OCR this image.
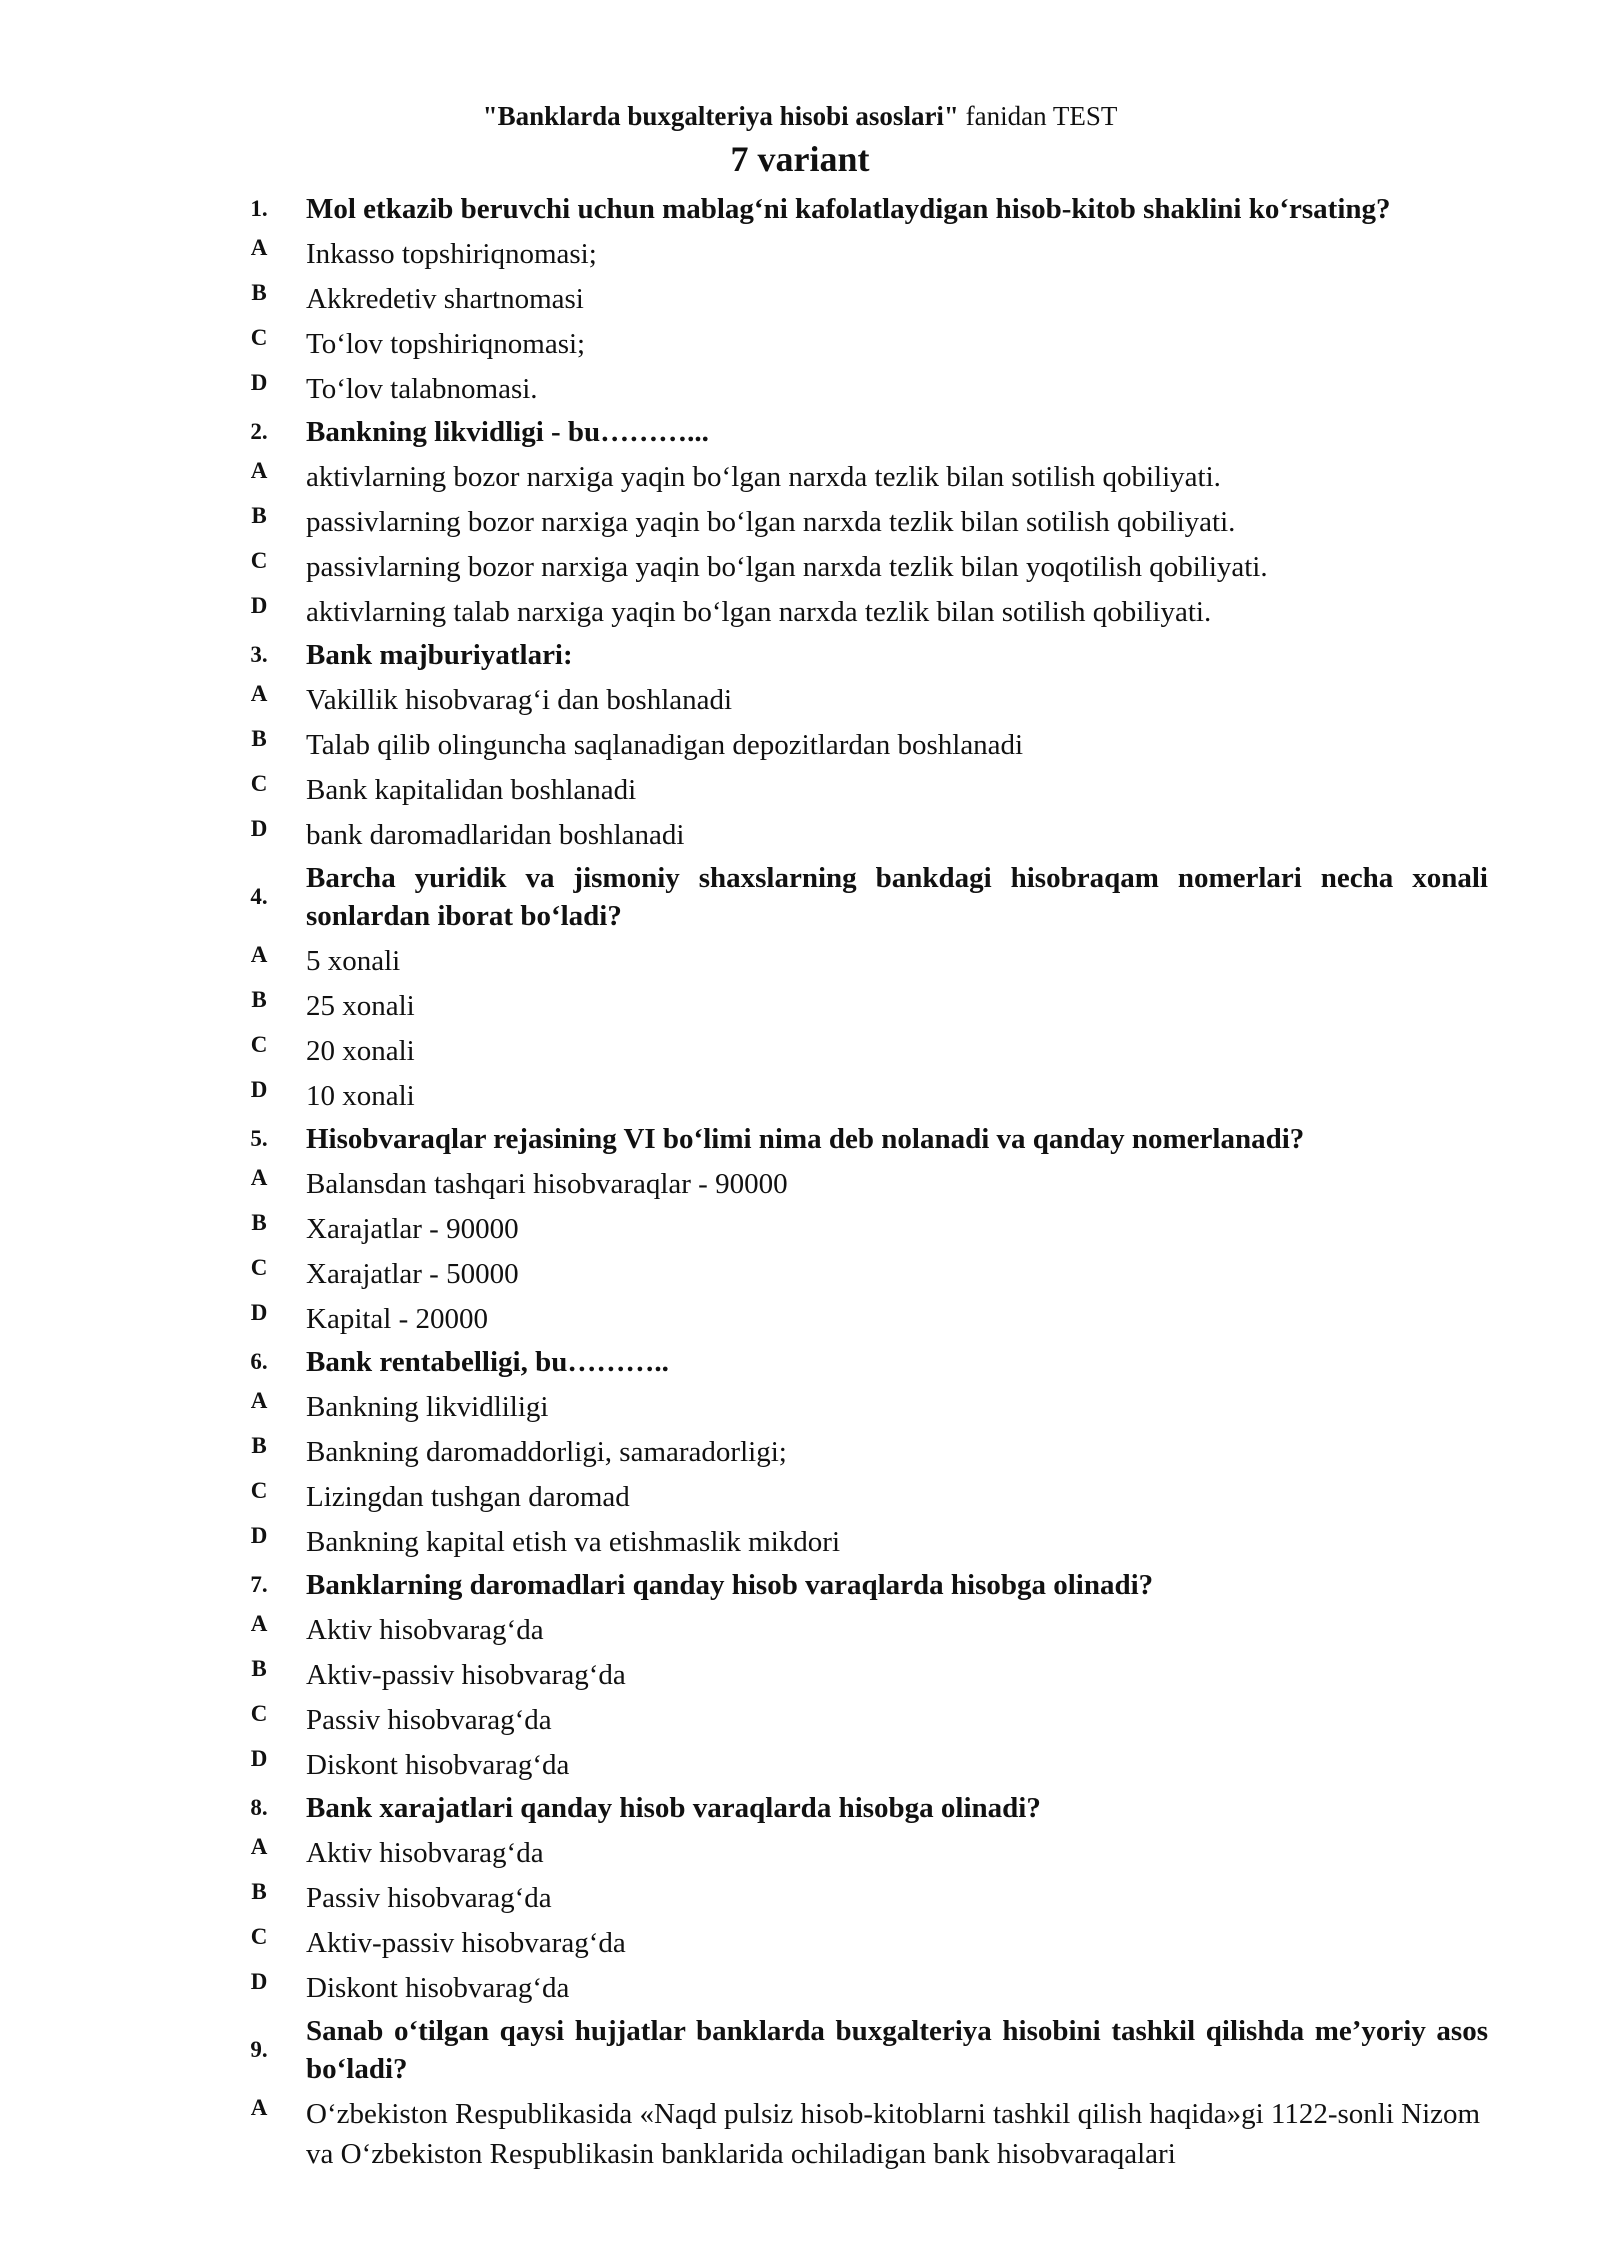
"Banklarda buxgalteriya hisobi asoslari" fanidan TEST
7 variant
1.	Mol etkazib beruvchi uchun mablag‘ni kafolatlaydigan hisob-kitob shaklini ko‘rsating?
A	Inkasso topshiriqnomasi;
B	Akkredetiv shartnomasi
C	To‘lov topshiriqnomasi;
D	To‘lov talabnomasi.
2.	Bankning likvidligi - bu………...
A	aktivlarning bozor narxiga yaqin bo‘lgan narxda tezlik bilan sotilish qobiliyati.
B	passivlarning bozor narxiga yaqin bo‘lgan narxda tezlik bilan sotilish qobiliyati.
C	passivlarning bozor narxiga yaqin bo‘lgan narxda tezlik bilan yoqotilish qobiliyati.
D	aktivlarning talab narxiga yaqin bo‘lgan narxda tezlik bilan sotilish qobiliyati.
3.	Bank majburiyatlari:
A	Vakillik hisobvarag‘i dan boshlanadi
B	Talab qilib olinguncha saqlanadigan depozitlardan boshlanadi
C	Bank kapitalidan boshlanadi
D	bank daromadlaridan boshlanadi
4.
Barcha yuridik va jismoniy shaxslarning bankdagi hisobraqam nomerlari necha xonali sonlardan iborat bo‘ladi?
A	5 xonali
B	25 xonali
C	20 xonali
D	10 xonali
5.	Hisobvaraqlar rejasining VI bo‘limi nima deb nolanadi va qanday nomerlanadi?
A	Balansdan tashqari hisobvaraqlar - 90000
B	Xarajatlar - 90000
C	Xarajatlar - 50000
D	Kapital - 20000
6.	Bank rentabelligi, bu………..
A	Bankning likvidliligi
B	Bankning daromaddorligi, samaradorligi;
C	Lizingdan tushgan daromad
D	Bankning kapital etish va etishmaslik mikdori
7.	Banklarning daromadlari qanday hisob varaqlarda hisobga olinadi?
A	Aktiv hisobvarag‘da
B	Aktiv-passiv hisobvarag‘da
C	Passiv hisobvarag‘da
D	Diskont hisobvarag‘da
8.	Bank xarajatlari qanday hisob varaqlarda hisobga olinadi?
A	Aktiv hisobvarag‘da
B	Passiv hisobvarag‘da
C	Aktiv-passiv hisobvarag‘da
D	Diskont hisobvarag‘da
9.
Sanab o‘tilgan qaysi hujjatlar banklarda buxgalteriya hisobini tashkil qilishda me’yoriy asos bo‘ladi?
A	O‘zbekiston Respublikasida «Naqd pulsiz hisob-kitoblarni tashkil qilish haqida»gi 1122-sonli Nizom va O‘zbekiston Respublikasin banklarida ochiladigan bank hisobvaraqalari
